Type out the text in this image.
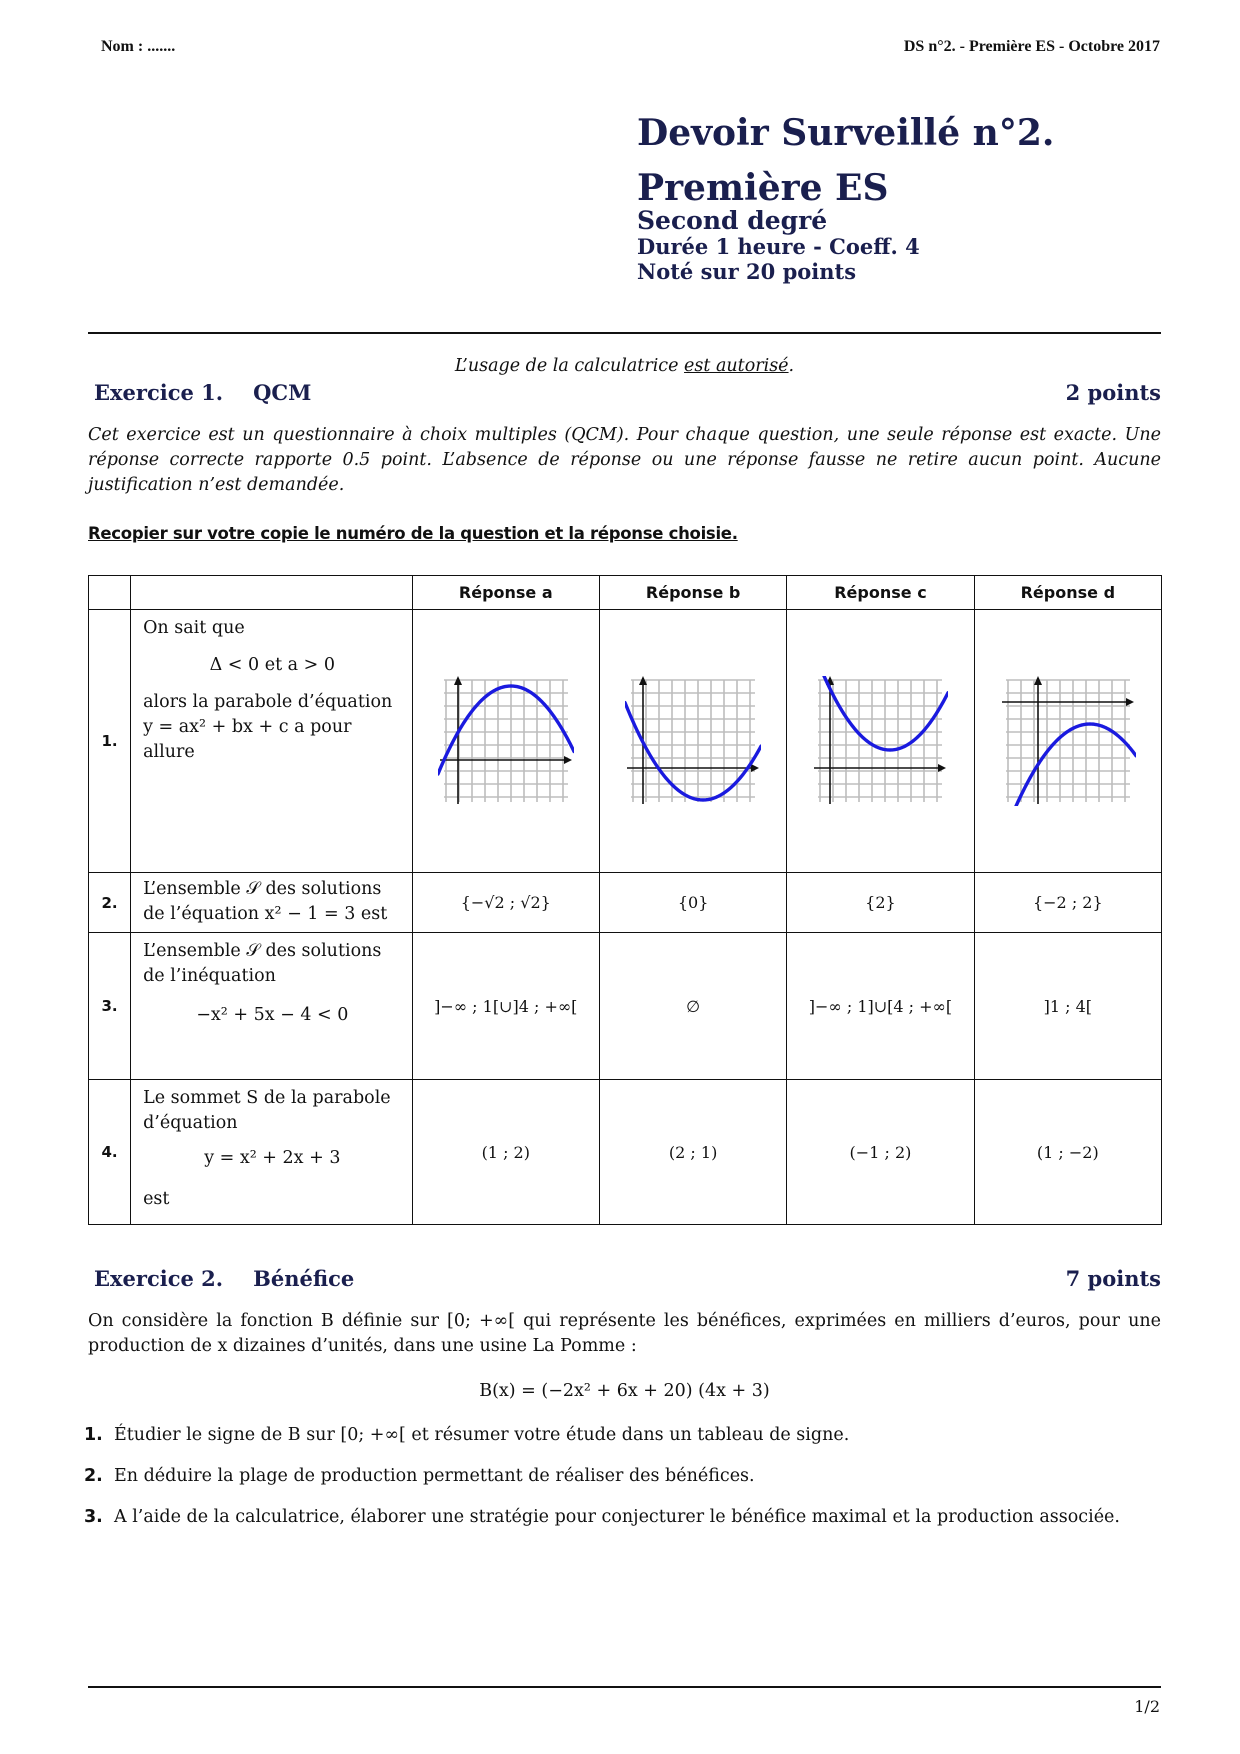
Nom : .......	DS n°2. - Première ES - Octobre 2017
Devoir Surveillé n°2.
Première ES
Second degré
Durée 1 heure - Coeff. 4
Noté sur 20 points
L’usage de la calculatrice est autorisé.
Exercice 1. QCM	2 points
Cet exercice est un questionnaire à choix multiples (QCM). Pour chaque question, une seule réponse est exacte. Une réponse correcte rapporte 0.5 point. L’absence de réponse ou une réponse fausse ne retire aucun point. Aucune justification n’est demandée.
Recopier sur votre copie le numéro de la question et la réponse choisie.
		Réponse a	Réponse b	Réponse c	Réponse d
1.	On sait que
Δ < 0 et a > 0
alors la parabole d’équation
y = ax² + bx + c a pour allure	

2.	L’ensemble 𝒮 des solutions de l’équation x² − 1 = 3 est	{−√2 ; √2}	{0}	{2}	{−2 ; 2}
3.	L’ensemble 𝒮 des solutions de l’inéquation
−x² + 5x − 4 < 0	]−∞ ; 1[∪]4 ; +∞[	∅	]−∞ ; 1]∪[4 ; +∞[	]1 ; 4[
4.	Le sommet S de la parabole d’équation
y = x² + 2x + 3
est	(1 ; 2)	(2 ; 1)	(−1 ; 2)	(1 ; −2)
Exercice 2. Bénéfice	7 points
On considère la fonction B définie sur [0; +∞[ qui représente les bénéfices, exprimées en milliers d’euros, pour une production de x dizaines d’unités, dans une usine La Pomme :
B(x) = (−2x² + 6x + 20) (4x + 3)
1. Étudier le signe de B sur [0; +∞[ et résumer votre étude dans un tableau de signe.
2. En déduire la plage de production permettant de réaliser des bénéfices.
3. A l’aide de la calculatrice, élaborer une stratégie pour conjecturer le bénéfice maximal et la production associée.
1/2
